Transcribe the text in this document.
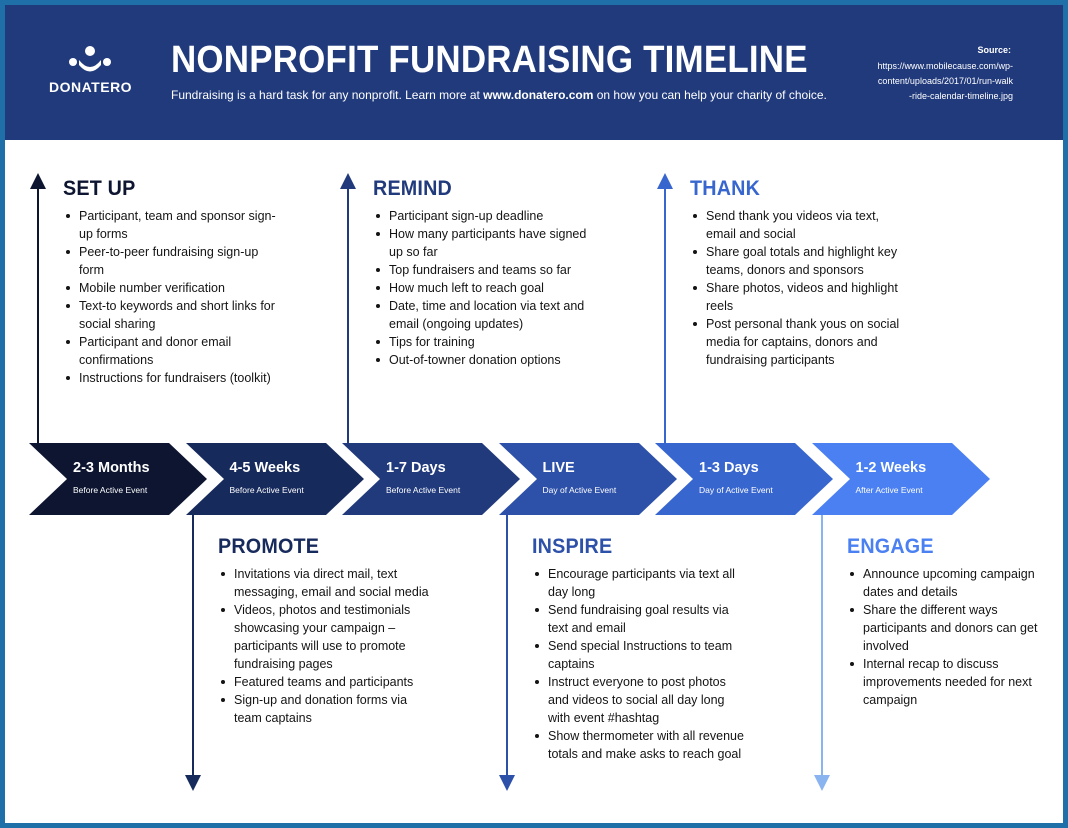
DONATERO
NONPROFIT FUNDRAISING TIMELINE
Fundraising is a hard task for any nonprofit. Learn more at www.donatero.com on how you can help your charity of choice.
Source:
https://www.mobilecause.com/wp-content/uploads/2017/01/run-walk-ride-calendar-timeline.jpg
2-3 Months
Before Active Event
4-5 Weeks
Before Active Event
1-7 Days
Before Active Event
LIVE
Day of Active Event
1-3 Days
Day of Active Event
1-2 Weeks
After Active Event
SET UP
Participant, team and sponsor sign-up forms
Peer-to-peer fundraising sign-up form
Mobile number verification
Text-to keywords and short links for social sharing
Participant and donor email confirmations
Instructions for fundraisers (toolkit)
PROMOTE
Invitations via direct mail, text messaging, email and social media
Videos, photos and testimonials showcasing your campaign – participants will use to promote fundraising pages
Featured teams and participants
Sign-up and donation forms via team captains
REMIND
Participant sign-up deadline
How many participants have signed up so far
Top fundraisers and teams so far
How much left to reach goal
Date, time and location via text and email (ongoing updates)
Tips for training
Out-of-towner donation options
INSPIRE
Encourage participants via text all day long
Send fundraising goal results via text and email
Send special Instructions to team captains
Instruct everyone to post photos and videos to social all day long with event #hashtag
Show thermometer with all revenue totals and make asks to reach goal
THANK
Send thank you videos via text, email and social
Share goal totals and highlight key teams, donors and sponsors
Share photos, videos and highlight reels
Post personal thank yous on social media for captains, donors and fundraising participants
ENGAGE
Announce upcoming campaign dates and details
Share the different ways participants and donors can get involved
Internal recap to discuss improvements needed for next campaign
